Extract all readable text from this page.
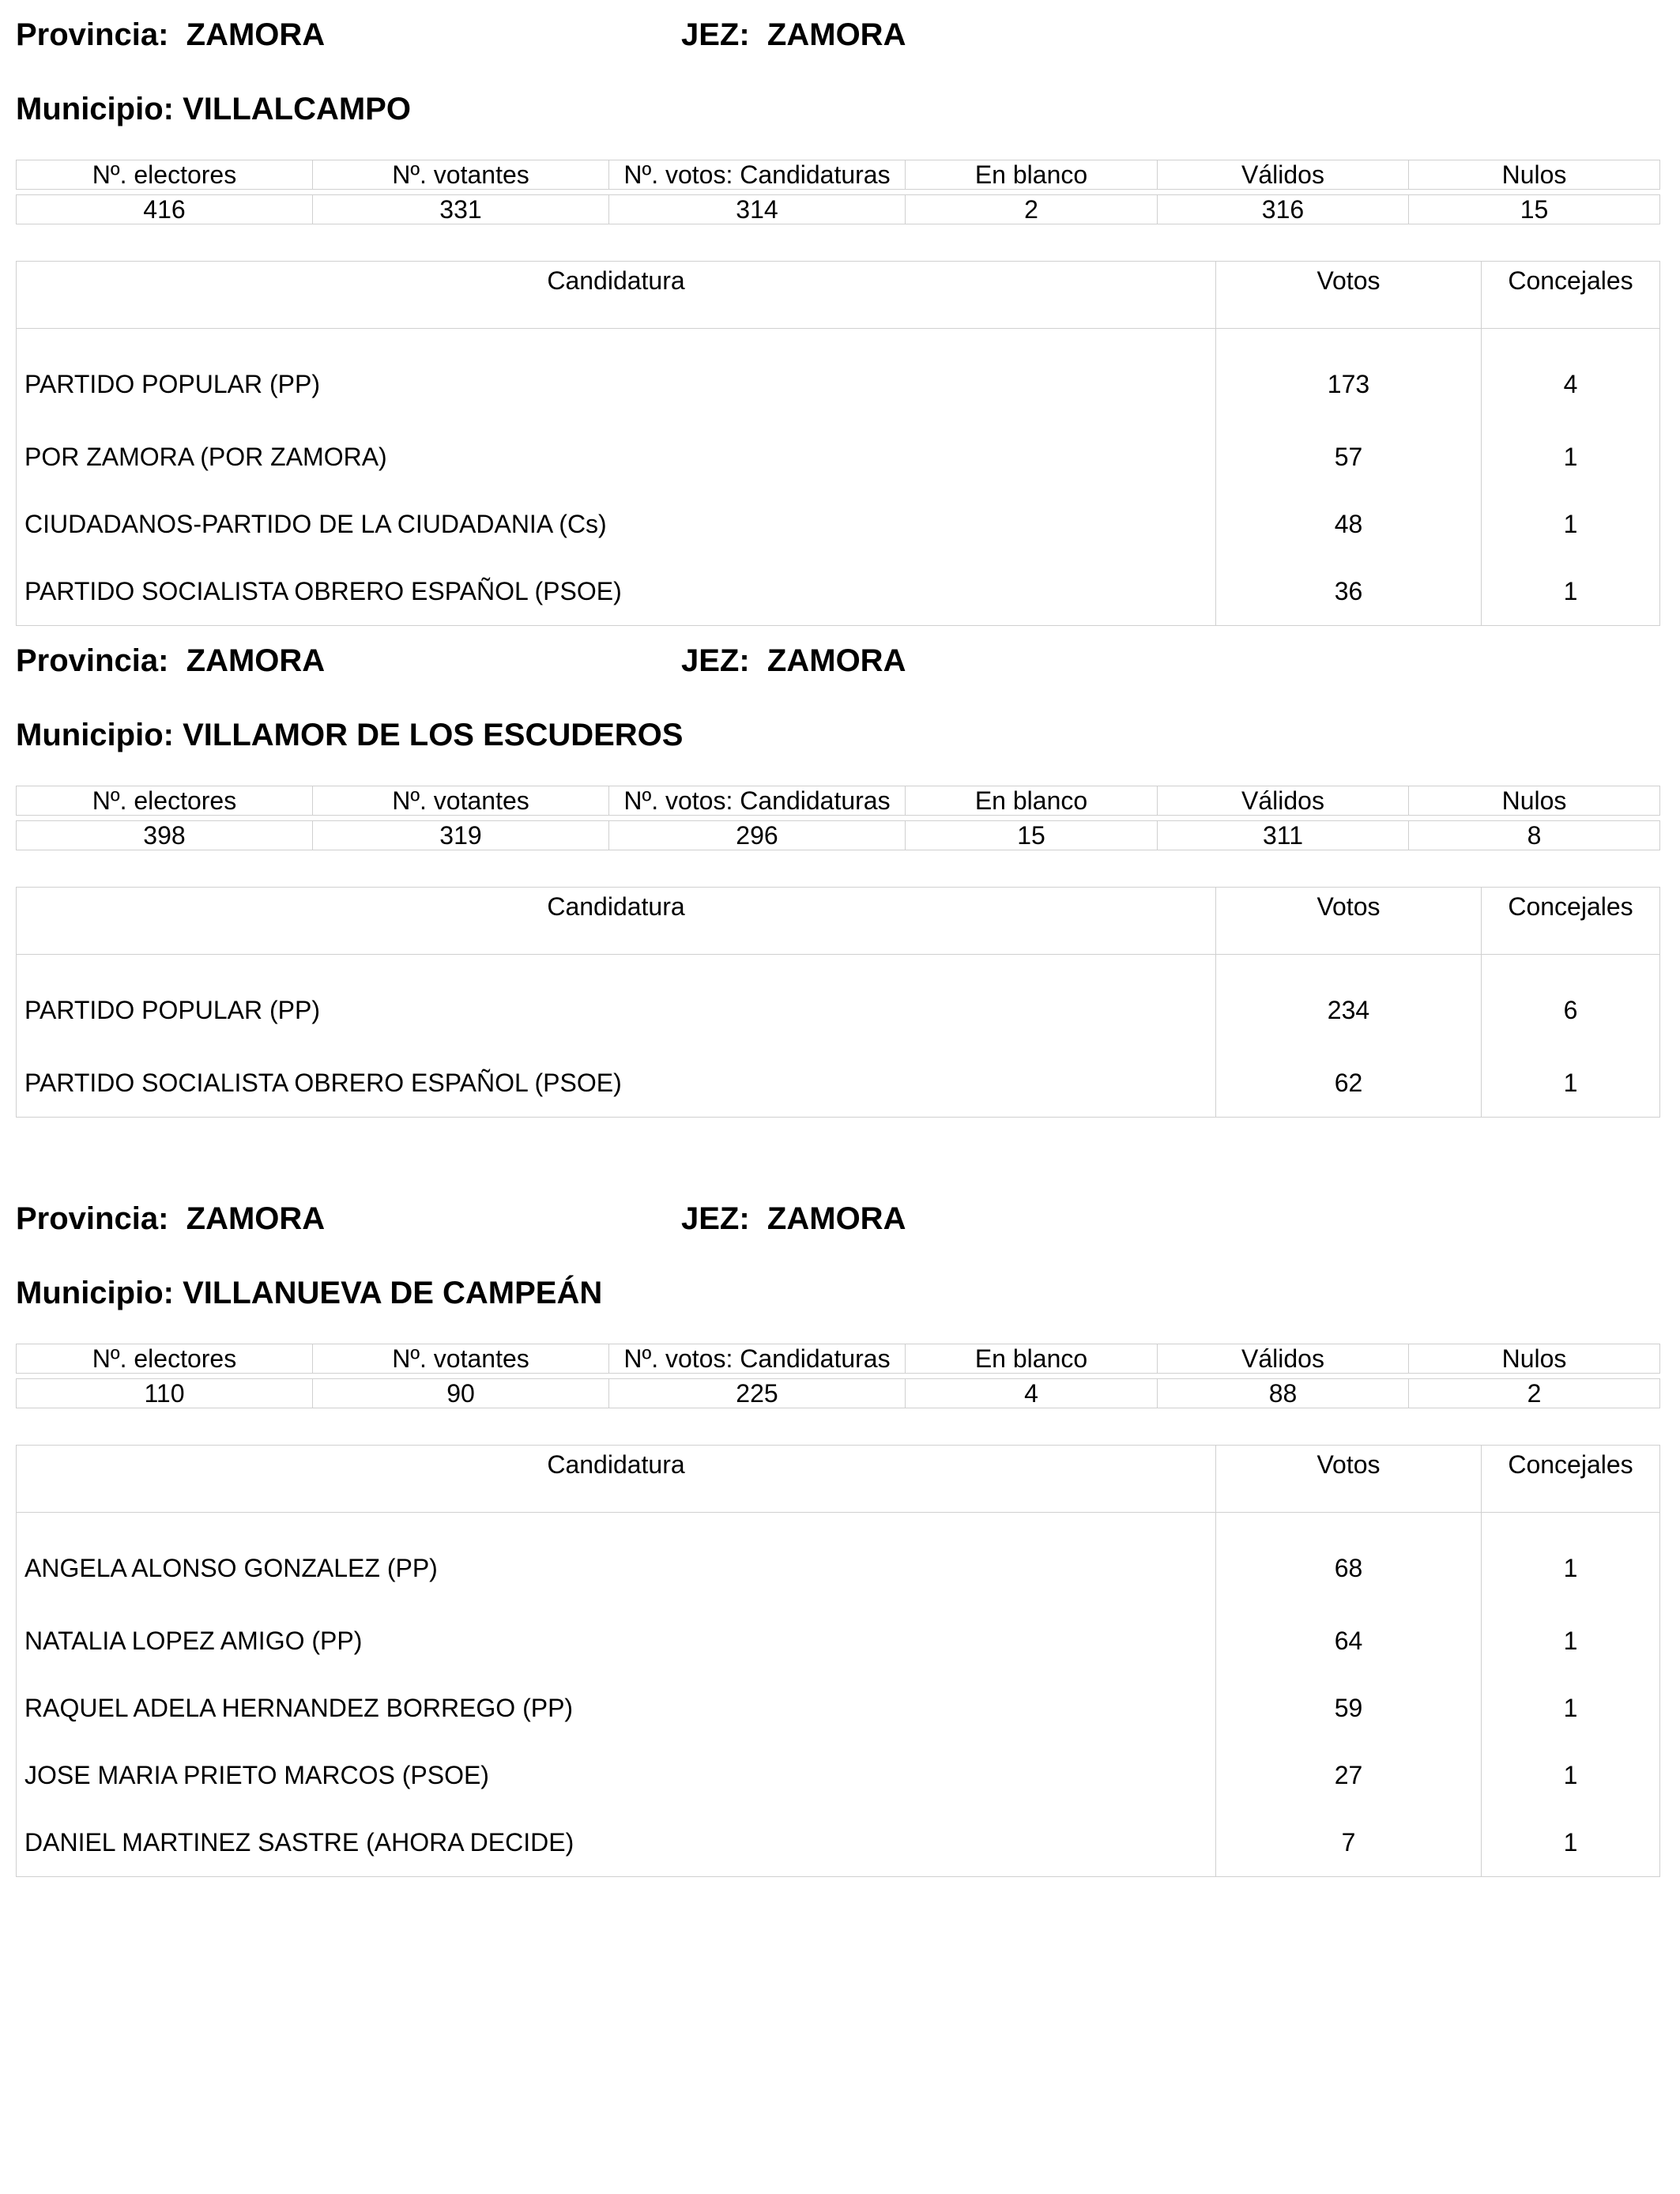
Provincia: ZAMORA	JEZ: ZAMORA
Municipio: VILLALCAMPO
Nº. electores	Nº. votantes	Nº. votos: Candidaturas	En blanco	Válidos	Nulos

416	331	314	2	316	15
Candidatura	Votos	Concejales
PARTIDO POPULAR (PP)	173	4
POR ZAMORA (POR ZAMORA)	57	1
CIUDADANOS-PARTIDO DE LA CIUDADANIA (Cs)	48	1
PARTIDO SOCIALISTA OBRERO ESPAÑOL (PSOE)	36	1
Provincia: ZAMORA	JEZ: ZAMORA
Municipio: VILLAMOR DE LOS ESCUDEROS
Nº. electores	Nº. votantes	Nº. votos: Candidaturas	En blanco	Válidos	Nulos

398	319	296	15	311	8
Candidatura	Votos	Concejales
PARTIDO POPULAR (PP)	234	6
PARTIDO SOCIALISTA OBRERO ESPAÑOL (PSOE)	62	1
Provincia: ZAMORA	JEZ: ZAMORA
Municipio: VILLANUEVA DE CAMPEÁN
Nº. electores	Nº. votantes	Nº. votos: Candidaturas	En blanco	Válidos	Nulos

110	90	225	4	88	2
Candidatura	Votos	Concejales
ANGELA ALONSO GONZALEZ (PP)	68	1
NATALIA LOPEZ AMIGO (PP)	64	1
RAQUEL ADELA HERNANDEZ BORREGO (PP)	59	1
JOSE MARIA PRIETO MARCOS (PSOE)	27	1
DANIEL MARTINEZ SASTRE (AHORA DECIDE)	7	1
